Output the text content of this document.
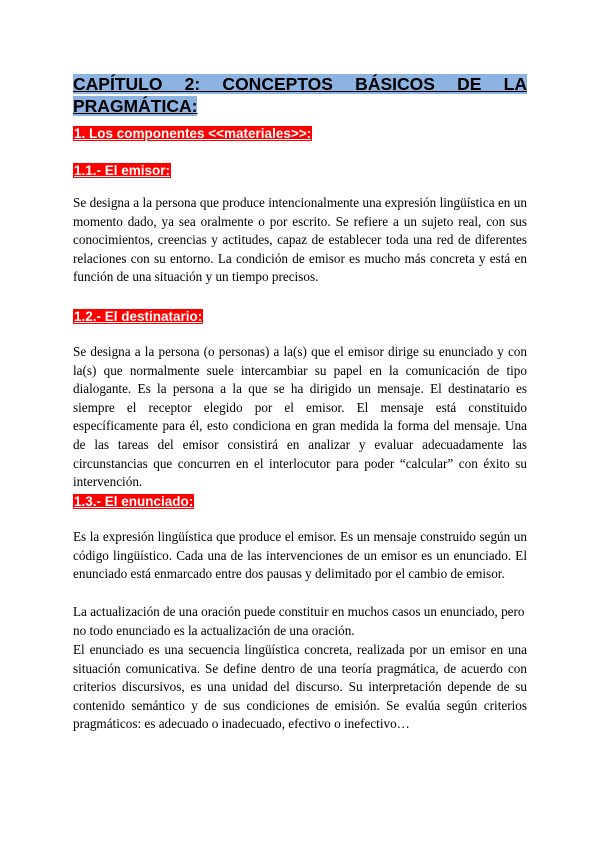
CAPÍTULO 2: CONCEPTOS BÁSICOS DE LA
PRAGMÁTICA:
1. Los componentes <<materiales>>:
1.1.- El emisor:

Se designa a la persona que produce intencionalmente una expresión lingüística en un momento dado, ya sea oralmente o por escrito. Se refiere a un sujeto real, con sus conocimientos, creencias y actitudes, capaz de establecer toda una red de diferentes relaciones con su entorno. La condición de emisor es mucho más concreta y está en función de una situación y un tiempo precisos.

1.2.- El destinatario:

Se designa a la persona (o personas) a la(s) que el emisor dirige su enunciado y con la(s) que normalmente suele intercambiar su papel en la comunicación de tipo dialogante. Es la persona a la que se ha dirigido un mensaje. El destinatario es siempre el receptor elegido por el emisor. El mensaje está constituido específicamente para él, esto condiciona en gran medida la forma del mensaje. Una de las tareas del emisor consistirá en analizar y evaluar adecuadamente las circunstancias que concurren en el interlocutor para poder “calcular” con éxito su intervención.

1.3.- El enunciado:

Es la expresión lingüística que produce el emisor. Es un mensaje construido según un código lingüístico. Cada una de las intervenciones de un emisor es un enunciado. El enunciado está enmarcado entre dos pausas y delimitado por el cambio de emisor.

La actualización de una oración puede constituir en muchos casos un enunciado, pero no todo enunciado es la actualización de una oración.

El enunciado es una secuencia lingüística concreta, realizada por un emisor en una situación comunicativa. Se define dentro de una teoría pragmática, de acuerdo con criterios discursivos, es una unidad del discurso. Su interpretación depende de su contenido semántico y de sus condiciones de emisión. Se evalúa según criterios pragmáticos: es adecuado o inadecuado, efectivo o inefectivo…
